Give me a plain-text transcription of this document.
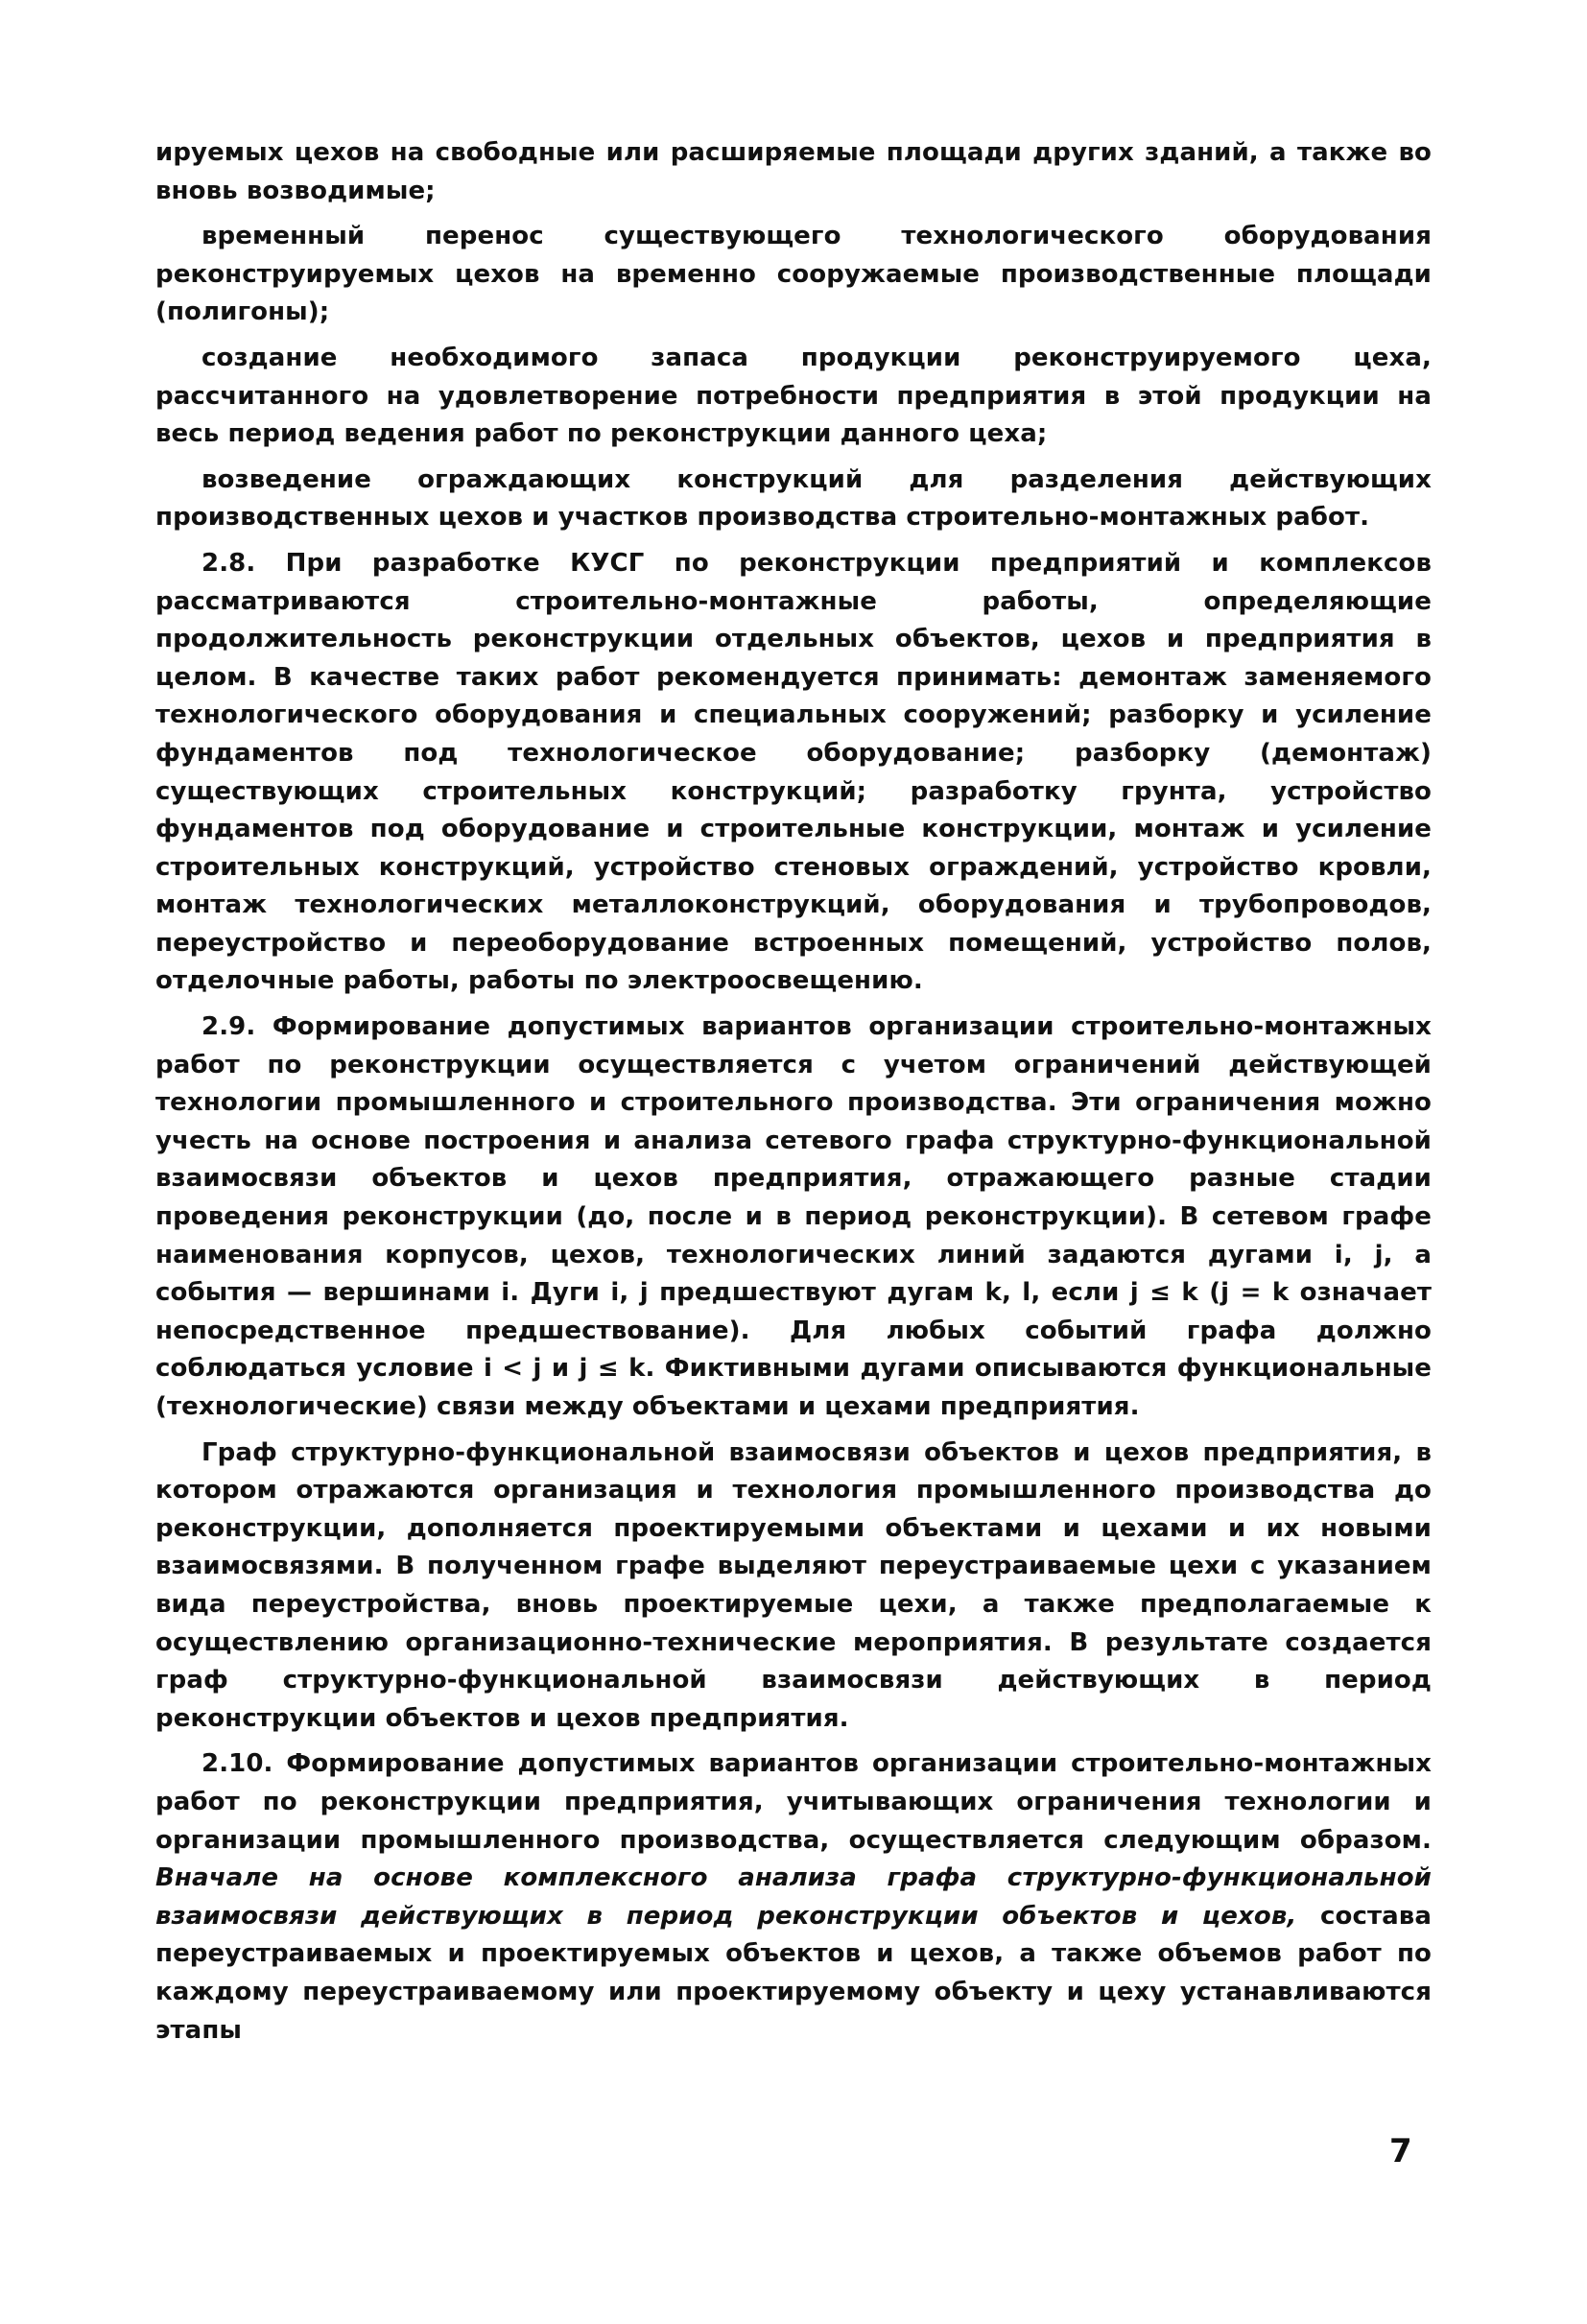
ируемых цехов на свободные или расширяемые площади других зданий, а также во вновь возводимые;

временный перенос существующего технологического оборудования реконструируемых цехов на временно сооружаемые производственные площади (полигоны);

создание необходимого запаса продукции реконструируемого цеха, рассчитанного на удовлетворение потребности предприятия в этой продукции на весь период ведения работ по реконструкции данного цеха;

возведение ограждающих конструкций для разделения действующих производственных цехов и участков производства строительно-монтажных работ.

2.8. При разработке КУСГ по реконструкции предприятий и комплексов рассматриваются строительно-монтажные работы, определяющие продолжительность реконструкции отдельных объектов, цехов и предприятия в целом. В качестве таких работ рекомендуется принимать: демонтаж заменяемого технологического оборудования и специальных сооружений; разборку и усиление фундаментов под технологическое оборудование; разборку (демонтаж) существующих строительных конструкций; разработку грунта, устройство фундаментов под оборудование и строительные конструкции, монтаж и усиление строительных конструкций, устройство стеновых ограждений, устройство кровли, монтаж технологических металлоконструкций, оборудования и трубопроводов, переустройство и переоборудование встроенных помещений, устройство полов, отделочные работы, работы по электроосвещению.

2.9. Формирование допустимых вариантов организации строительно-монтажных работ по реконструкции осуществляется с учетом ограничений действующей технологии промышленного и строительного производства. Эти ограничения можно учесть на основе построения и анализа сетевого графа структурно-функциональной взаимосвязи объектов и цехов предприятия, отражающего разные стадии проведения реконструкции (до, после и в период реконструкции). В сетевом графе наименования корпусов, цехов, технологических линий задаются дугами i, j, а события — вершинами i. Дуги i, j предшествуют дугам k, l, если j ≤ k (j = k означает непосредственное предшествование). Для любых событий графа должно соблюдаться условие i < j и j ≤ k. Фиктивными дугами описываются функциональные (технологические) связи между объектами и цехами предприятия.

Граф структурно-функциональной взаимосвязи объектов и цехов предприятия, в котором отражаются организация и технология промышленного производства до реконструкции, дополняется проектируемыми объектами и цехами и их новыми взаимосвязями. В полученном графе выделяют переустраиваемые цехи с указанием вида переустройства, вновь проектируемые цехи, а также предполагаемые к осуществлению организационно-технические мероприятия. В результате создается граф структурно-функциональной взаимосвязи действующих в период реконструкции объектов и цехов предприятия.

2.10. Формирование допустимых вариантов организации строительно-монтажных работ по реконструкции предприятия, учитывающих ограничения технологии и организации промышленного производства, осуществляется следующим образом. Вначале на основе комплексного анализа графа структурно-функциональной взаимосвязи действующих в период реконструкции объектов и цехов, состава переустраиваемых и проектируемых объектов и цехов, а также объемов работ по каждому переустраиваемому или проектируемому объекту и цеху устанавливаются этапы

7
